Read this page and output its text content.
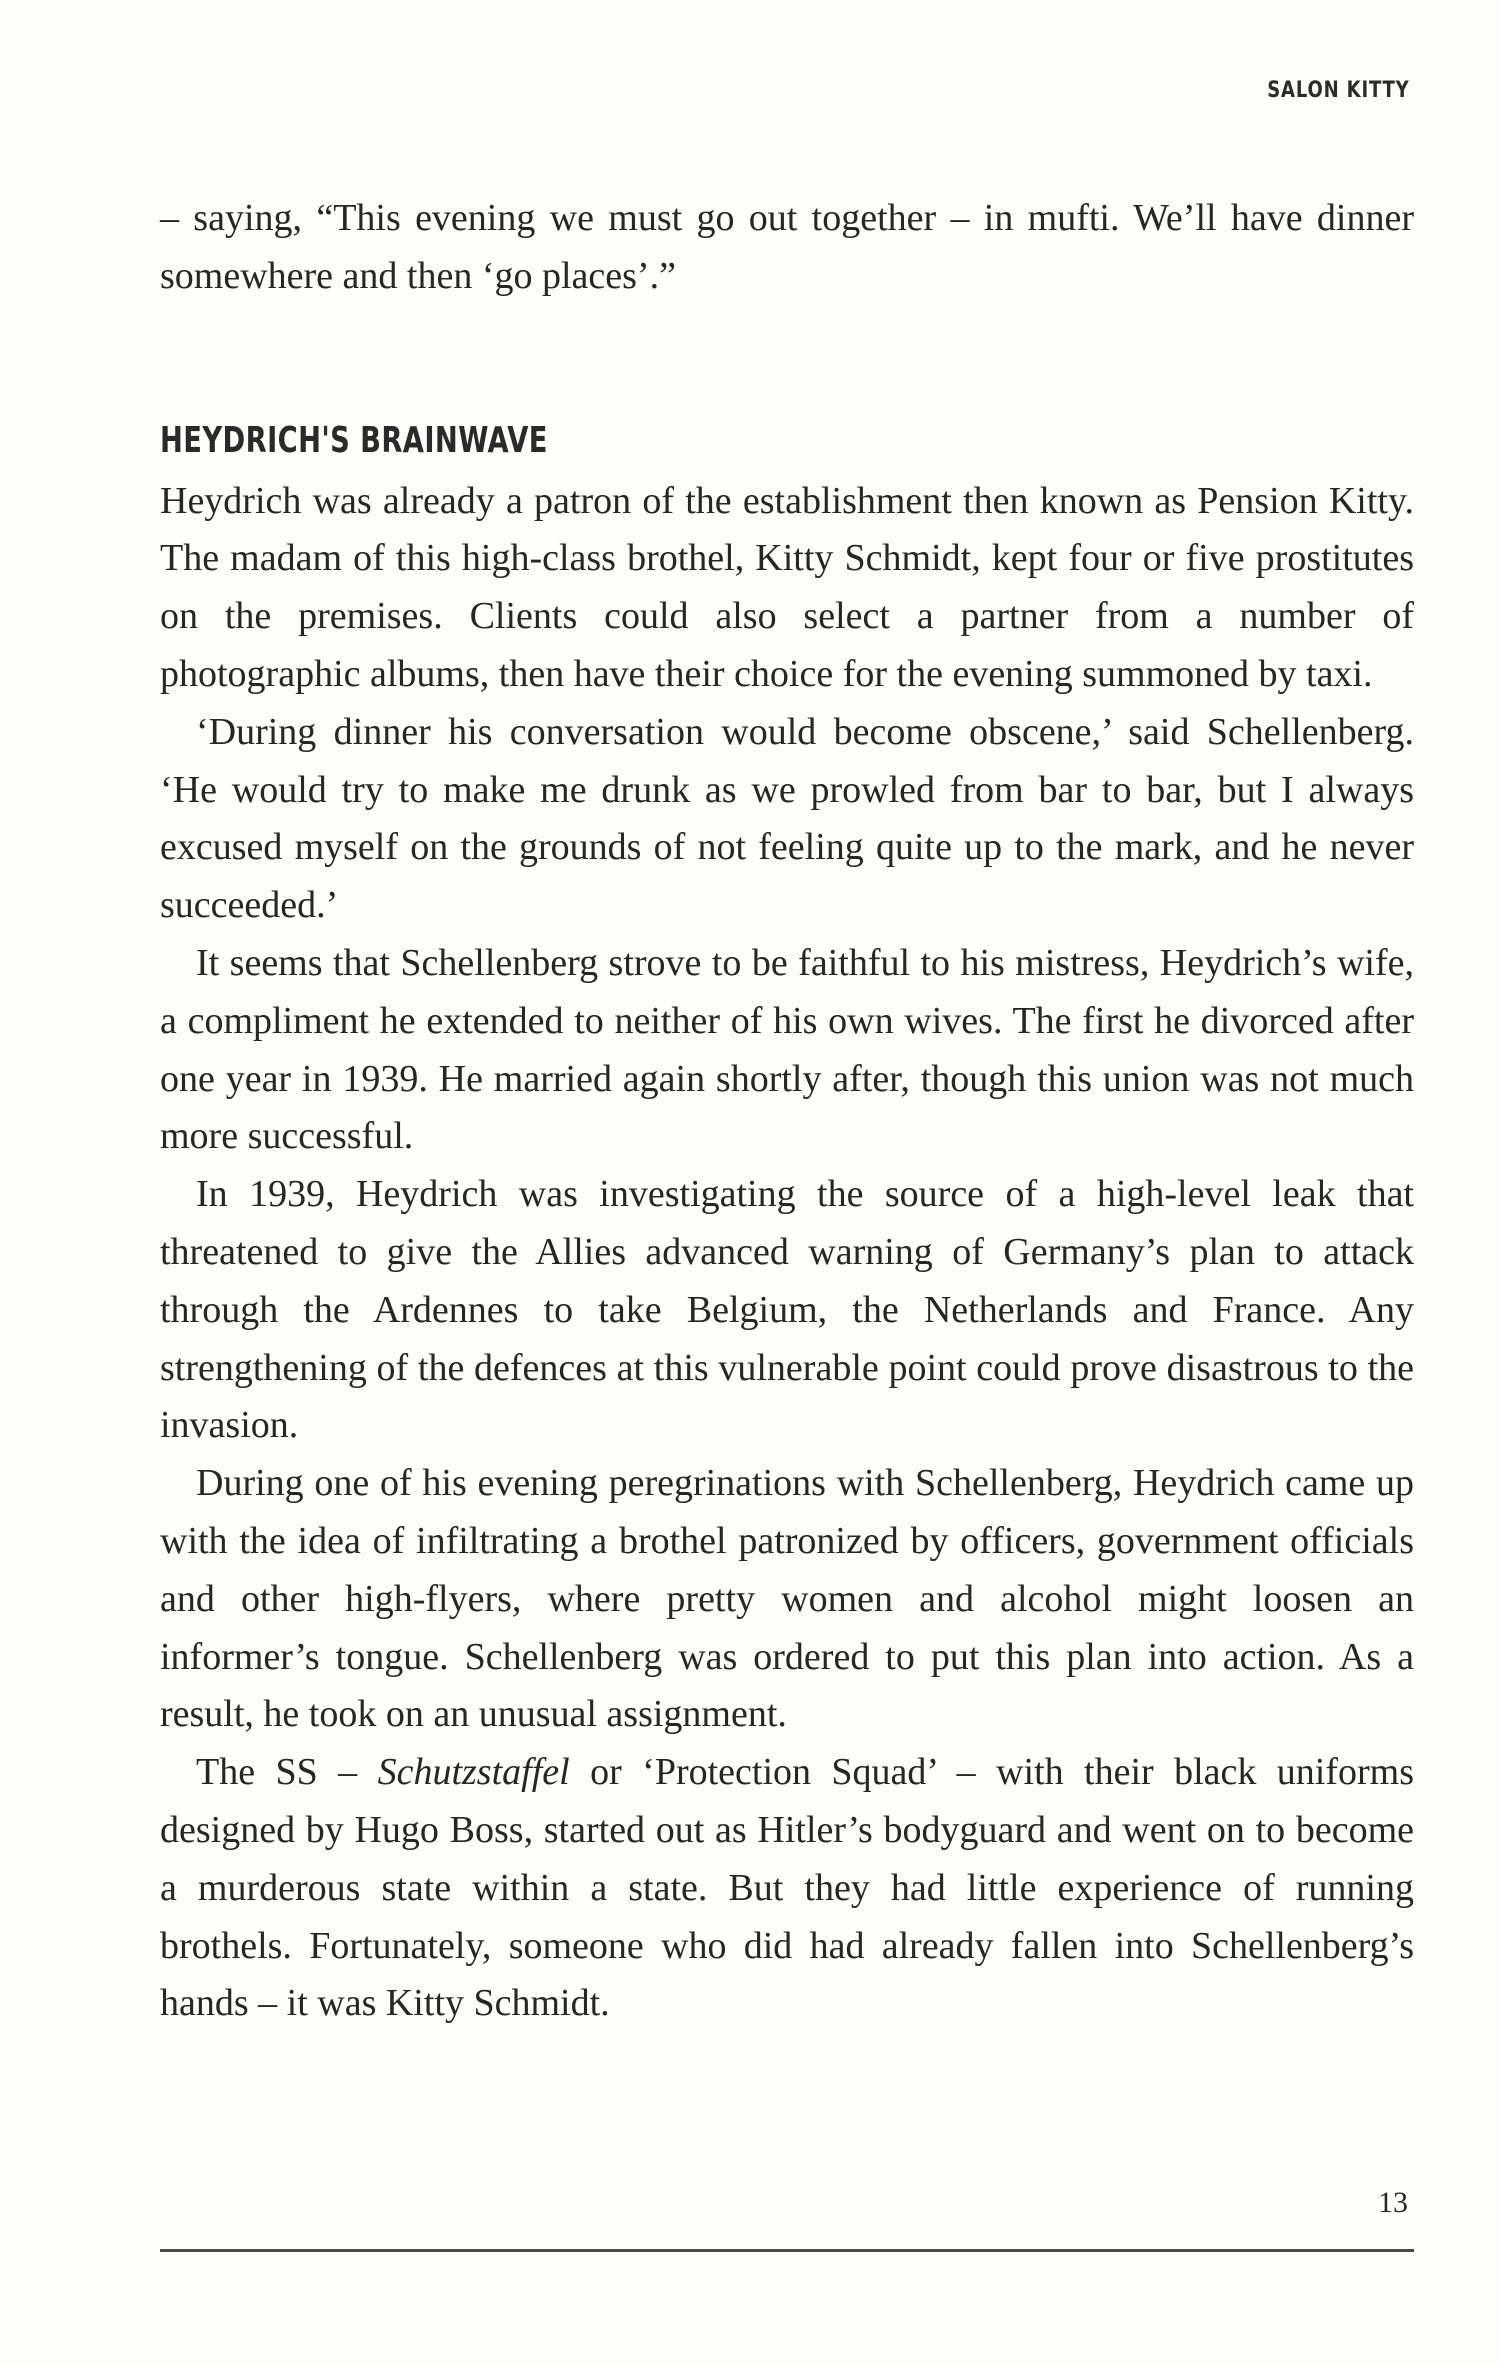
SALON KITTY

– saying, “This evening we must go out together – in mufti. We’ll have dinner somewhere and then ‘go places’.”

HEYDRICH'S BRAINWAVE

Heydrich was already a patron of the establishment then known as Pension Kitty. The madam of this high-class brothel, Kitty Schmidt, kept four or five prostitutes on the premises. Clients could also select a partner from a number of photographic albums, then have their choice for the evening summoned by taxi.

‘During dinner his conversation would become obscene,’ said Schellenberg. ‘He would try to make me drunk as we prowled from bar to bar, but I always excused myself on the grounds of not feeling quite up to the mark, and he never succeeded.’

It seems that Schellenberg strove to be faithful to his mistress, Heydrich’s wife, a compliment he extended to neither of his own wives. The first he divorced after one year in 1939. He married again shortly after, though this union was not much more successful.

In 1939, Heydrich was investigating the source of a high-level leak that threatened to give the Allies advanced warning of Germany’s plan to attack through the Ardennes to take Belgium, the Netherlands and France. Any strengthening of the defences at this vulnerable point could prove disastrous to the invasion.

During one of his evening peregrinations with Schellenberg, Heydrich came up with the idea of infiltrating a brothel patronized by officers, government officials and other high-flyers, where pretty women and alcohol might loosen an informer’s tongue. Schellenberg was ordered to put this plan into action. As a result, he took on an unusual assignment.

The SS – Schutzstaffel or ‘Protection Squad’ – with their black uniforms designed by Hugo Boss, started out as Hitler’s bodyguard and went on to become a murderous state within a state. But they had little experience of running brothels. Fortunately, someone who did had already fallen into Schellenberg’s hands – it was Kitty Schmidt.

13
